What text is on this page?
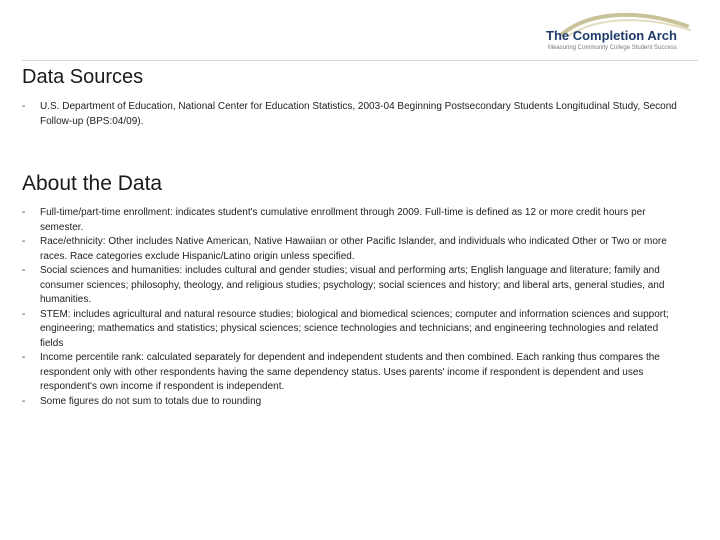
The Completion Arch
Measuring Community College Student Success
Data Sources
- U.S. Department of Education, National Center for Education Statistics, 2003-04 Beginning Postsecondary Students Longitudinal Study, Second Follow-up (BPS:04/09).
About the Data
- Full-time/part-time enrollment: indicates student's cumulative enrollment through 2009. Full-time is defined as 12 or more credit hours per semester.
- Race/ethnicity: Other includes Native American, Native Hawaiian or other Pacific Islander, and individuals who indicated Other or Two or more races. Race categories exclude Hispanic/Latino origin unless specified.
- Social sciences and humanities: includes cultural and gender studies; visual and performing arts; English language and literature; family and consumer sciences; philosophy, theology, and religious studies; psychology; social sciences and history; and liberal arts, general studies, and humanities.
- STEM: includes agricultural and natural resource studies; biological and biomedical sciences; computer and information sciences and support; engineering; mathematics and statistics; physical sciences; science technologies and technicians; and engineering technologies and related fields
- Income percentile rank: calculated separately for dependent and independent students and then combined. Each ranking thus compares the respondent only with other respondents having the same dependency status. Uses parents' income if respondent is dependent and uses respondent's own income if respondent is independent.
- Some figures do not sum to totals due to rounding
